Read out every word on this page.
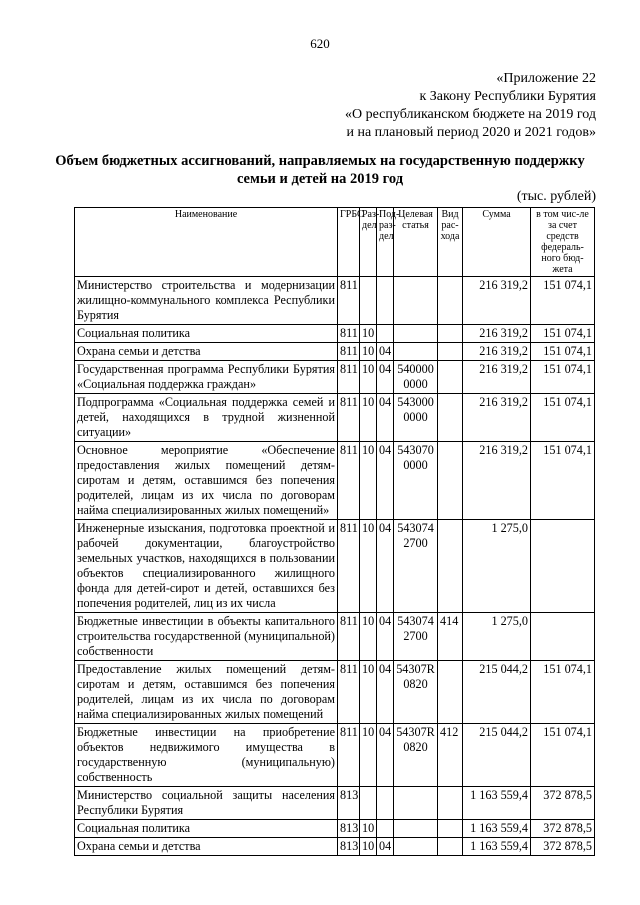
620
«Приложение 22
к Закону Республики Бурятия
«О республиканском бюджете на 2019 год
и на плановый период 2020 и 2021 годов»
Объем бюджетных ассигнований, направляемых на государственную поддержку семьи и детей на 2019 год
(тыс. рублей)
Наименование	ГРБС	Раз-дел	Под-раз-дел	Целевая статья	Вид рас-хода	Сумма	в том чис-ле за счет средств федераль-ного бюд-жета
Министерство строительства и модернизации жилищно-коммунального комплекса Республики Бурятия	811					216 319,2	151 074,1
Социальная политика	811	10				216 319,2	151 074,1
Охрана семьи и детства	811	10	04			216 319,2	151 074,1
Государственная программа Республики Бурятия «Социальная поддержка граждан»	811	10	04	5400000000		216 319,2	151 074,1
Подпрограмма «Социальная поддержка семей и детей, находящихся в трудной жизненной ситуации»	811	10	04	5430000000		216 319,2	151 074,1
Основное мероприятие «Обеспечение предоставления жилых помещений детям-сиротам и детям, оставшимся без попечения родителей, лицам из их числа по договорам найма специализированных жилых помещений»	811	10	04	5430700000		216 319,2	151 074,1
Инженерные изыскания, подготовка проектной и рабочей документации, благоустройство земельных участков, находящихся в пользовании объектов специализированного жилищного фонда для детей-сирот и детей, оставшихся без попечения родителей, лиц из их числа	811	10	04	5430742700		1 275,0	
Бюджетные инвестиции в объекты капитального строительства государственной (муниципальной) собственности	811	10	04	5430742700	414	1 275,0	
Предоставление жилых помещений детям-сиротам и детям, оставшимся без попечения родителей, лицам из их числа по договорам найма специализированных жилых помещений	811	10	04	54307R0820		215 044,2	151 074,1
Бюджетные инвестиции на приобретение объектов недвижимого имущества в государственную (муниципальную) собственность	811	10	04	54307R0820	412	215 044,2	151 074,1
Министерство социальной защиты населения Республики Бурятия	813					1 163 559,4	372 878,5
Социальная политика	813	10				1 163 559,4	372 878,5
Охрана семьи и детства	813	10	04			1 163 559,4	372 878,5
